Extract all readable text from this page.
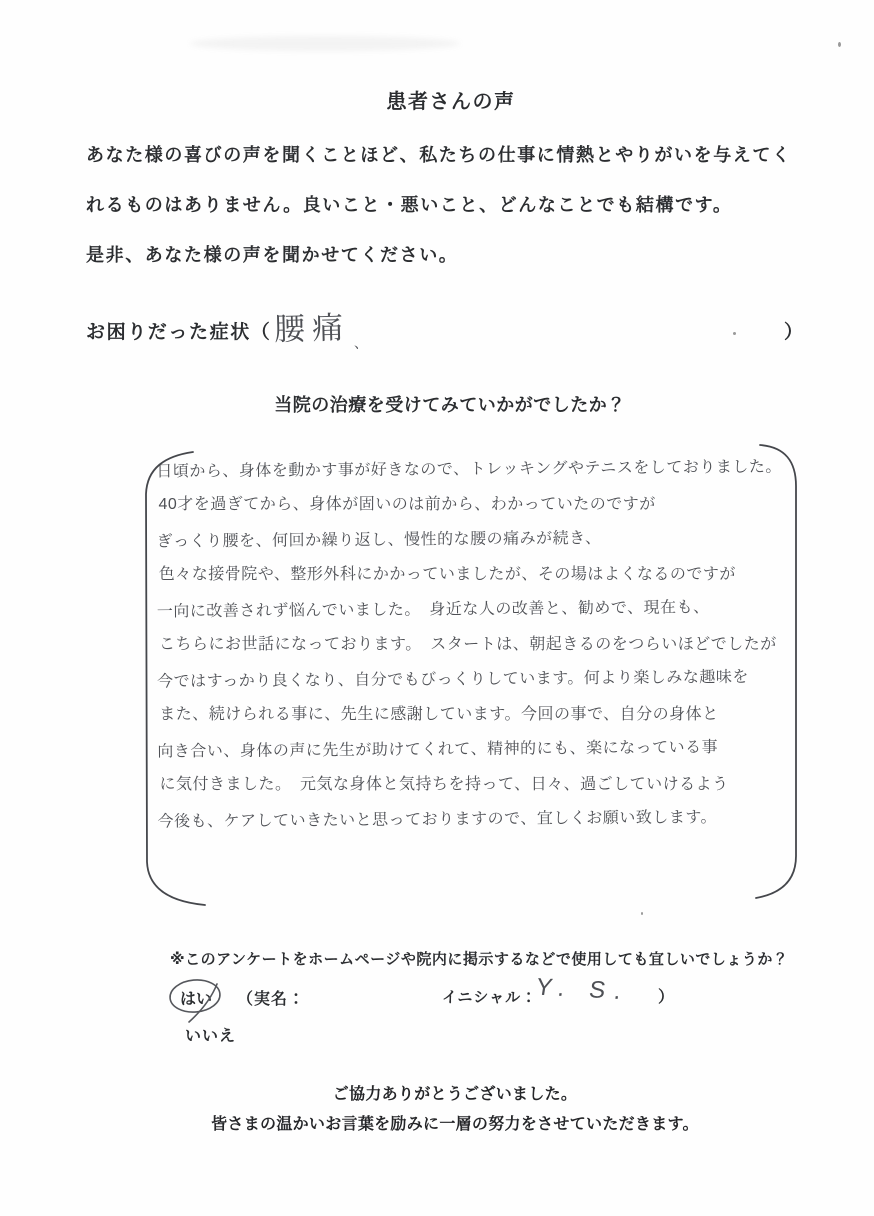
患者さんの声
あなた様の喜びの声を聞くことほど、私たちの仕事に情熱とやりがいを与えてく
れるものはありません。良いこと・悪いこと、どんなことでも結構です。
是非、あなた様の声を聞かせてください。
お困りだった症状（ 腰痛 、	）
当院の治療を受けてみていかがでしたか？
日頃から、身体を動かす事が好きなので、トレッキングやテニスをしておりました。
40才を過ぎてから、身体が固いのは前から、わかっていたのですが
ぎっくり腰を、何回か繰り返し、慢性的な腰の痛みが続き、
色々な接骨院や、整形外科にかかっていましたが、その場はよくなるのですが
一向に改善されず悩んでいました。　身近な人の改善と、勧めで、現在も、
こちらにお世話になっております。　スタートは、朝起きるのをつらいほどでしたが
今ではすっかり良くなり、自分でもびっくりしています。何より楽しみな趣味を
また、続けられる事に、先生に感謝しています。今回の事で、自分の身体と
向き合い、身体の声に先生が助けてくれて、精神的にも、楽になっている事
に気付きました。　元気な身体と気持ちを持って、日々、過ごしていけるよう
今後も、ケアしていきたいと思っておりますので、宜しくお願い致します。
※このアンケートをホームページや院内に掲示するなどで使用しても宜しいでしょうか？
はい （実名：	イニシャル：
Y. S. ）
いいえ
ご協力ありがとうございました。
皆さまの温かいお言葉を励みに一層の努力をさせていただきます。
